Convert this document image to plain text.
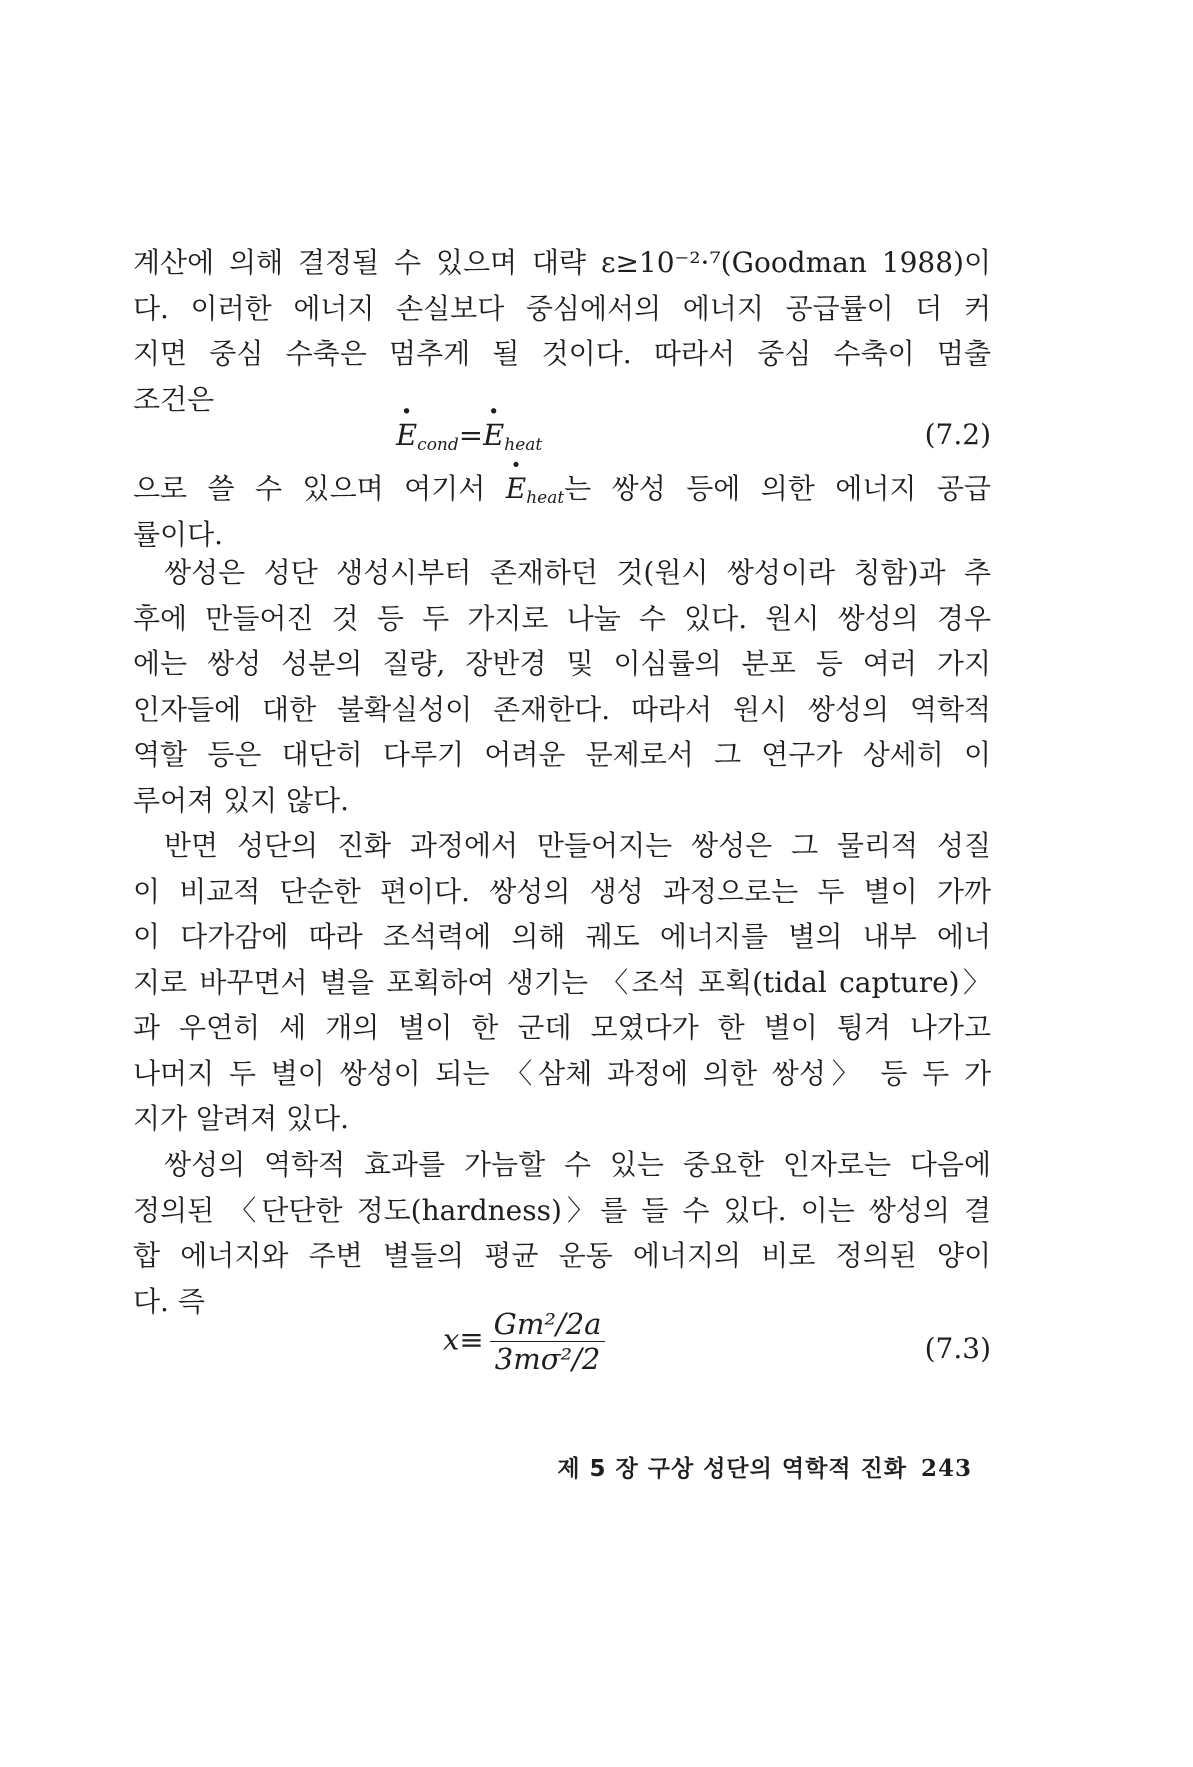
계산에 의해 결정될 수 있으며 대략 ε≥10⁻²·⁷(Goodman 1988)이
다. 이러한 에너지 손실보다 중심에서의 에너지 공급률이 더 커
지면 중심 수축은 멈추게 될 것이다. 따라서 중심 수축이 멈출
조건은
· $E_{cond}=\cdot E_{heat}$	(7.2)
으로 쓸 수 있으며 여기서 · $E_{heat}$는 쌍성 등에 의한 에너지 공급
률이다.
쌍성은 성단 생성시부터 존재하던 것(원시 쌍성이라 칭함)과 추
후에 만들어진 것 등 두 가지로 나눌 수 있다. 원시 쌍성의 경우
에는 쌍성 성분의 질량, 장반경 및 이심률의 분포 등 여러 가지
인자들에 대한 불확실성이 존재한다. 따라서 원시 쌍성의 역학적
역할 등은 대단히 다루기 어려운 문제로서 그 연구가 상세히 이
루어져 있지 않다.
반면 성단의 진화 과정에서 만들어지는 쌍성은 그 물리적 성질
이 비교적 단순한 편이다. 쌍성의 생성 과정으로는 두 별이 가까
이 다가감에 따라 조석력에 의해 궤도 에너지를 별의 내부 에너
지로 바꾸면서 별을 포획하여 생기는 〈조석 포획(tidal capture)〉
과 우연히 세 개의 별이 한 군데 모였다가 한 별이 튕겨 나가고
나머지 두 별이 쌍성이 되는 〈삼체 과정에 의한 쌍성〉 등 두 가
지가 알려져 있다.
쌍성의 역학적 효과를 가늠할 수 있는 중요한 인자로는 다음에
정의된 〈단단한 정도(hardness)〉를 들 수 있다. 이는 쌍성의 결
합 에너지와 주변 별들의 평균 운동 에너지의 비로 정의된 양이
다. 즉
$x\equiv \frac{\text{Gm²/2a}}{\text{3mσ²/2}}$	(7.3)
제 5 장 구상 성단의 역학적 진화 243
